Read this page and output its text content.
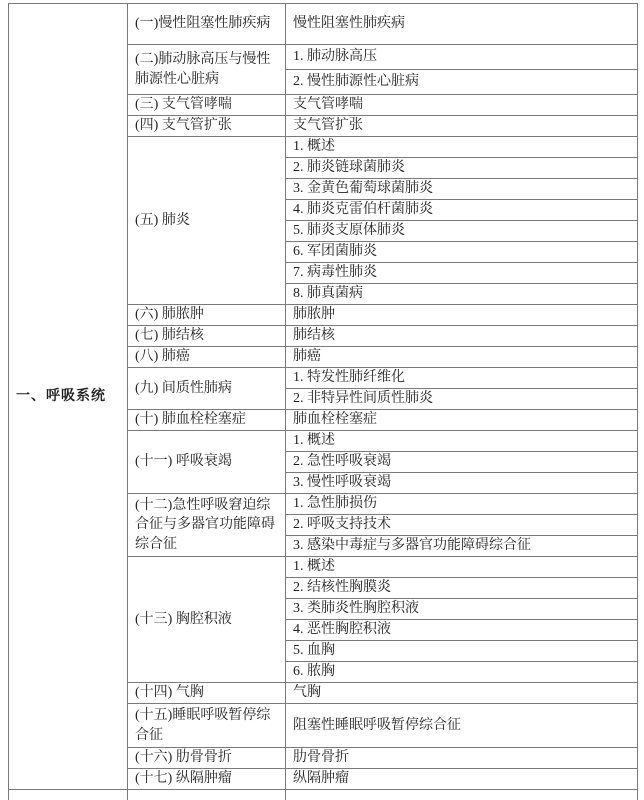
一、呼吸系统	(一)慢性阻塞性肺疾病	慢性阻塞性肺疾病
	(二)肺动脉高压与慢性肺源性心脏病	1. 肺动脉高压
		2. 慢性肺源性心脏病
	(三) 支气管哮喘	支气管哮喘
	(四) 支气管扩张	支气管扩张
	(五) 肺炎	1. 概述
		2. 肺炎链球菌肺炎
		3. 金黄色葡萄球菌肺炎
		4. 肺炎克雷伯杆菌肺炎
		5. 肺炎支原体肺炎
		6. 军团菌肺炎
		7. 病毒性肺炎
		8. 肺真菌病
	(六) 肺脓肿	肺脓肿
	(七) 肺结核	肺结核
	(八) 肺癌	肺癌
	(九) 间质性肺病	1. 特发性肺纤维化
		2. 非特异性间质性肺炎
	(十) 肺血栓栓塞症	肺血栓栓塞症
	(十一) 呼吸衰竭	1. 概述
		2. 急性呼吸衰竭
		3. 慢性呼吸衰竭
	(十二)急性呼吸窘迫综合征与多器官功能障碍综合征	1. 急性肺损伤
		2. 呼吸支持技术
		3. 感染中毒症与多器官功能障碍综合征
	(十三) 胸腔积液	1. 概述
		2. 结核性胸膜炎
		3. 类肺炎性胸腔积液
		4. 恶性胸腔积液
		5. 血胸
		6. 脓胸
	(十四) 气胸	气胸
	(十五)睡眠呼吸暂停综合征	阻塞性睡眠呼吸暂停综合征
	(十六) 肋骨骨折	肋骨骨折
	(十七) 纵隔肿瘤	纵隔肿瘤
